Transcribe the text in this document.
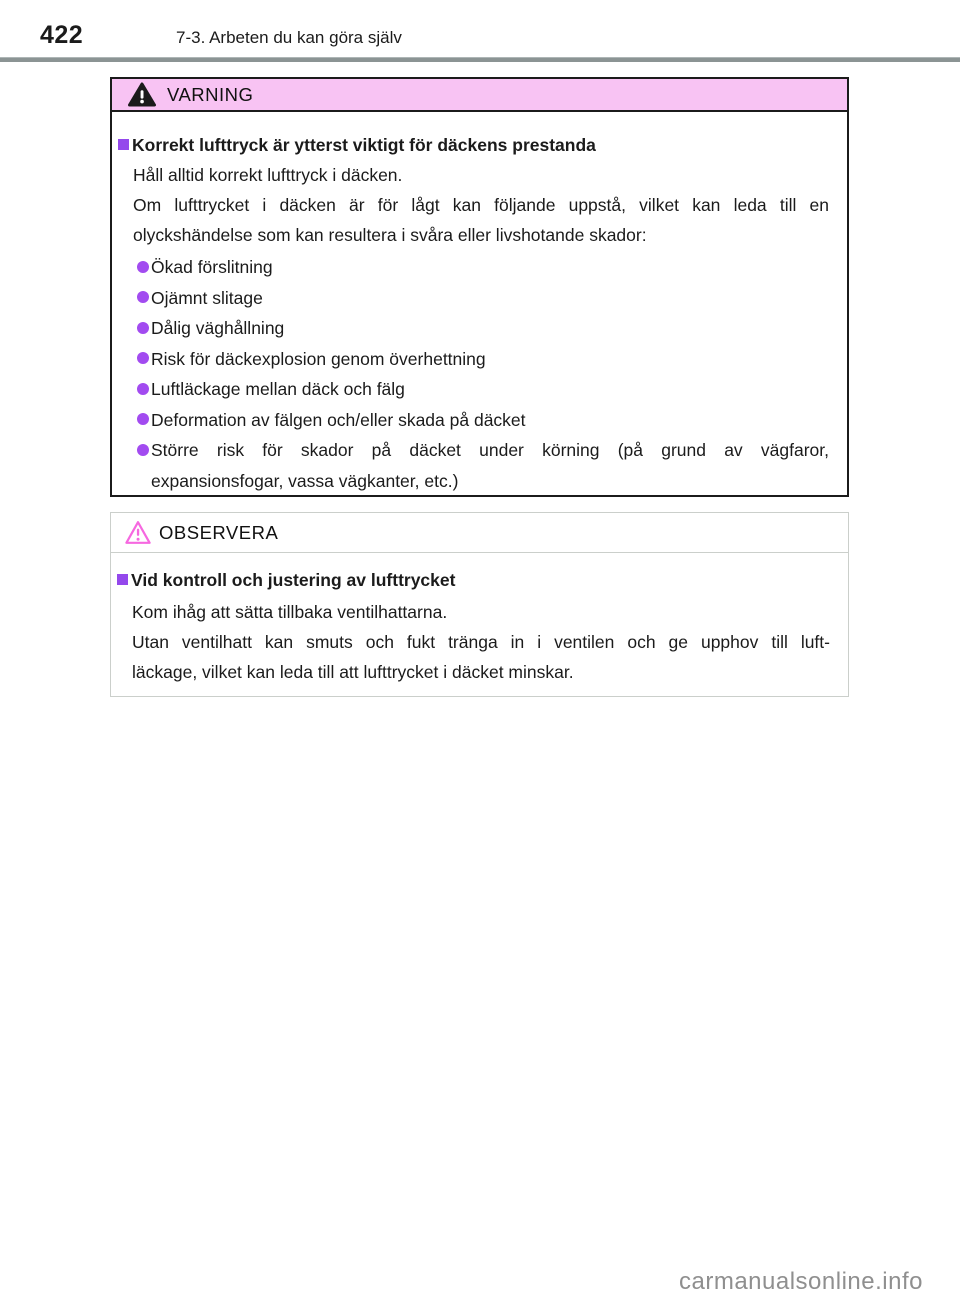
422	7-3. Arbeten du kan göra själv
VARNING
Korrekt lufttryck är ytterst viktigt för däckens prestanda
Håll alltid korrekt lufttryck i däcken.
Om lufttrycket i däcken är för lågt kan följande uppstå, vilket kan leda till en
olyckshändelse som kan resultera i svåra eller livshotande skador:
Ökad förslitning
Ojämnt slitage
Dålig väghållning
Risk för däckexplosion genom överhettning
Luftläckage mellan däck och fälg
Deformation av fälgen och/eller skada på däcket
Större risk för skador på däcket under körning (på grund av vägfaror,
expansionsfogar, vassa vägkanter, etc.)
OBSERVERA
Vid kontroll och justering av lufttrycket
Kom ihåg att sätta tillbaka ventilhattarna.
Utan ventilhatt kan smuts och fukt tränga in i ventilen och ge upphov till luft-
läckage, vilket kan leda till att lufttrycket i däcket minskar.
carmanualsonline.info
